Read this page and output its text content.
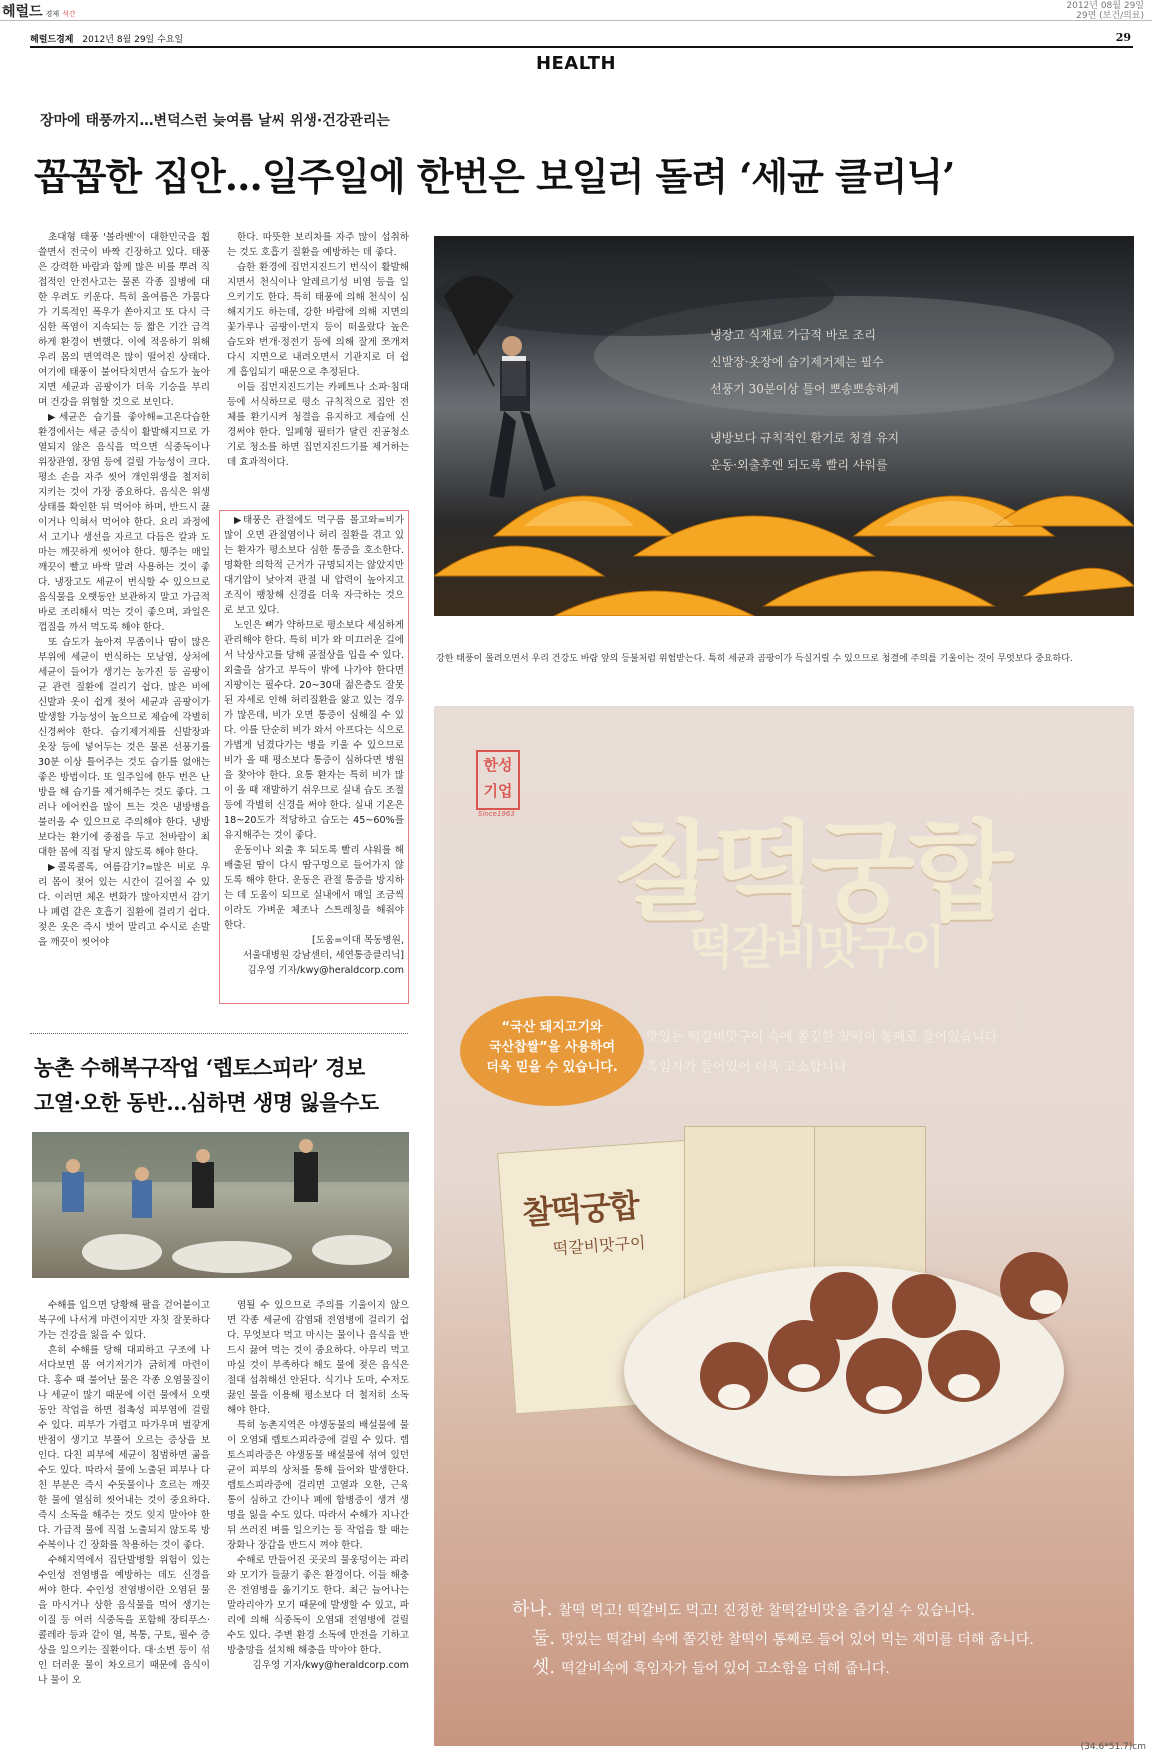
헤럴드 경제 석간
2012년 08월 29일
29면 (보건/의료)
헤럴드경제 2012년 8월 29일 수요일	29
HEALTH
장마에 태풍까지…변덕스런 늦여름 날씨 위생·건강관리는
꼽꼽한 집안…일주일에 한번은 보일러 돌려 ‘세균 클리닉’

초대형 태풍 '볼라벤'이 대한민국을 휩쓸면서 전국이 바짝 긴장하고 있다. 태풍은 강력한 바람과 함께 많은 비를 뿌려 직접적인 안전사고는 물론 각종 질병에 대한 우려도 키운다. 특히 올여름은 가뭄다가 기록적인 폭우가 쏟아지고 또 다시 극심한 폭염이 지속되는 등 짧은 기간 급격하게 환경이 변했다. 이에 적응하기 위해 우리 몸의 면역력은 많이 떨어진 상태다. 여기에 태풍이 불어닥치면서 습도가 높아지면 세균과 곰팡이가 더욱 기승을 부리며 건강을 위협할 것으로 보인다.

▶세균은 습기를 좋아해=고온다습한 환경에서는 세균 증식이 활발해지므로 가열되지 않은 음식을 먹으면 식중독이나 위장관염, 장염 등에 걸릴 가능성이 크다. 평소 손을 자주 씻어 개인위생을 철저히 지키는 것이 가장 중요하다. 음식은 위생상태를 확인한 뒤 먹어야 하며, 반드시 끓이거나 익혀서 먹어야 한다. 요리 과정에서 고기나 생선을 자르고 다듬은 칼과 도마는 깨끗하게 씻어야 한다. 행주는 매일 깨끗이 빨고 바싹 말려 사용하는 것이 좋다. 냉장고도 세균이 번식할 수 있으므로 음식물을 오랫동안 보관하지 말고 가급적 바로 조리해서 먹는 것이 좋으며, 과일은 껍질을 까서 먹도록 해야 한다.

또 습도가 높아져 무좀이나 땀이 많은 부위에 세균이 번식하는 모낭염, 상처에 세균이 들어가 생기는 농가진 등 곰팡이균 관련 질환에 걸리기 쉽다. 많은 비에 신발과 옷이 쉽게 젖어 세균과 곰팡이가 발생할 가능성이 높으므로 제습에 각별히 신경써야 한다. 습기제거제를 신발장과 옷장 등에 넣어두는 것은 물론 선풍기를 30분 이상 틀어주는 것도 습기를 없애는 좋은 방법이다. 또 일주일에 한두 번은 난방을 해 습기를 제거해주는 것도 좋다. 그러나 에어컨을 많이 트는 것은 냉방병을 불러올 수 있으므로 주의해야 한다. 냉방보다는 환기에 중점을 두고 천바람이 최대한 몸에 직접 닿지 않도록 해야 한다.

▶콜록콜록, 여름감기?=많은 비로 우리 몸이 젖어 있는 시간이 길어질 수 있다. 이러면 체온 변화가 많아지면서 감기나 폐렴 같은 호흡기 질환에 걸리기 쉽다. 젖은 옷은 즉시 벗어 말리고 수시로 손발을 깨끗이 씻어야

한다. 따뜻한 보리차를 자주 많이 섭취하는 것도 호흡기 질환을 예방하는 데 좋다.

습한 환경에 집먼지진드기 번식이 활발해지면서 천식이나 알레르기성 비염 등을 일으키기도 한다. 특히 태풍에 의해 천식이 심해지기도 하는데, 강한 바람에 의해 지면의 꽃가루나 곰팡이·먼지 등이 떠올랐다 높은 습도와 번개·정전기 등에 의해 잘게 쪼개져 다시 지면으로 내려오면서 기관지로 더 쉽게 흡입되기 때문으로 추정된다.

이들 집먼지진드기는 카페트나 소파·침대 등에 서식하므로 평소 규칙적으로 집안 전체를 환기시켜 청결을 유지하고 제습에 신경써야 한다. 일폐형 필터가 달린 진공청소기로 청소를 하면 집먼지진드기를 제거하는 데 효과적이다.

▶태풍은 관절에도 먹구름 몰고와=비가 많이 오면 관절염이나 허리 질환을 겪고 있는 환자가 평소보다 심한 통증을 호소한다. 명확한 의학적 근거가 규명되지는 않았지만 대기압이 낮아져 관절 내 압력이 높아지고 조직이 팽창해 신경을 더욱 자극하는 것으로 보고 있다.

노인은 뼈가 약하므로 평소보다 세심하게 관리해야 한다. 특히 비가 와 미끄러운 길에서 낙상사고를 당해 골절상을 입을 수 있다. 외출을 삼가고 부득이 밖에 나가야 한다면 지팡이는 필수다. 20~30대 젊은층도 잘못된 자세로 인해 허리질환을 앓고 있는 경우가 많은데, 비가 오면 통증이 심해질 수 있다. 이를 단순히 비가 와서 아프다는 식으로 가볍게 넘겼다가는 병을 키울 수 있으므로 비가 올 때 평소보다 통증이 심하다면 병원을 찾아야 한다. 요통 환자는 특히 비가 많이 올 때 재발하기 쉬우므로 실내 습도 조절 등에 각별히 신경을 써야 한다. 실내 기온은 18~20도가 적당하고 습도는 45~60%를 유지해주는 것이 좋다.

운동이나 외출 후 되도록 빨리 샤워를 해 배출된 땀이 다시 땀구멍으로 들어가지 않도록 해야 한다. 운동은 관절 통증을 방지하는 데 도움이 되므로 실내에서 매일 조금씩이라도 가벼운 체조나 스트레칭을 해줘야 한다.

[도움=이대 목동병원,
서울대병원 강남센터, 세연통증클리닉]
김우영 기자/kwy@heraldcorp.com
냉장고 식재료 가급적 바로 조리
신발장·옷장에 습기제거제는 필수
선풍기 30분이상 틀어 뽀송뽀송하게
냉방보다 규칙적인 환기로 청결 유지
운동·외출후엔 되도록 빨리 샤워를
강한 태풍이 몰려오면서 우리 건강도 바람 앞의 등불처럼 위험받는다. 특히 세균과 곰팡이가 득실거릴 수 있으므로 청결에 주의를 기울이는 것이 무엇보다 중요하다.
농촌 수해복구작업 ‘렙토스피라’ 경보
고열·오한 동반…심하면 생명 잃을수도

수해를 입으면 당황해 팔을 걷어붙이고 복구에 나서게 마련이지만 자칫 잘못하다가는 건강을 잃을 수 있다.

흔히 수해를 당해 대피하고 구조에 나서다보면 몸 여기저기가 긁히게 마련이다. 홍수 때 불어난 물은 각종 오염물질이나 세균이 많기 때문에 이런 물에서 오랫동안 작업을 하면 접촉성 피부염에 걸릴 수 있다. 피부가 가렵고 따가우며 벌갛게 반점이 생기고 부풀어 오르는 증상을 보인다. 다친 피부에 세균이 침범하면 곪을 수도 있다. 따라서 물에 노출된 피부나 다친 부분은 즉시 수돗물이나 흐르는 깨끗한 물에 열심히 씻어내는 것이 중요하다. 즉시 소독을 해주는 것도 잊지 말아야 한다. 가급적 물에 직접 노출되지 않도록 방수복이나 긴 장화를 착용하는 것이 좋다.

수해지역에서 집단발병할 위험이 있는 수인성 전염병을 예방하는 데도 신경을 써야 한다. 수인성 전염병이란 오염된 물을 마시거나 상한 음식물을 먹어 생기는 이질 등 여러 식중독을 포함해 장티푸스·콜레라 등과 같이 열, 복통, 구토, 필수 증상을 일으키는 질환이다. 대·소변 등이 섞인 더러운 물이 차오르기 때문에 음식이나 물이 오

염될 수 있으므로 주의를 기울이지 않으면 각종 세균에 감염돼 전염병에 걸리기 쉽다. 무엇보다 먹고 마시는 물이나 음식을 반드시 끓여 먹는 것이 중요하다. 아무리 먹고 마실 것이 부족하다 해도 물에 젖은 음식은 절대 섭취해선 안된다. 식기나 도마, 수저도 끓인 물을 이용해 평소보다 더 철저히 소독해야 한다.

특히 농촌지역은 야생동물의 배설물에 물이 오염돼 렙토스피라증에 걸릴 수 있다. 렙토스피라증은 야생동물 배설물에 섞여 있던 균이 피부의 상처를 통해 들어와 발생한다. 렙토스피라증에 걸리면 고열과 오한, 근육통이 심하고 간이나 폐에 합병증이 생겨 생명을 잃을 수도 있다. 따라서 수해가 지나간 뒤 쓰러진 벼를 일으키는 등 작업을 할 때는 장화나 장갑을 반드시 껴야 한다.

수해로 만들어진 곳곳의 물웅덩이는 파리와 모기가 들끓기 좋은 환경이다. 이들 해충은 전염병을 옮기기도 한다. 최근 늘어나는 말라리아가 모기 때문에 발생할 수 있고, 파리에 의해 식중독이 오염돼 전염병에 걸릴 수도 있다. 주변 환경 소독에 만전을 기하고 방충망을 설치해 해충을 막아야 한다.

김우영 기자/kwy@heraldcorp.com
한성기업
Since1963 찰떡궁합
떡갈비맛구이
“국산 돼지고기와
국산찹쌀”을 사용하여
더욱 믿을 수 있습니다.
맛있는 떡갈비맛구이 속에 쫄깃한 찰떡이 통째로 들어있습니다
흑임자가 들어있어 더욱 고소합니다
찰떡궁합
떡갈비맛구이
하나. 찰떡 먹고! 떡갈비도 먹고! 진정한 찰떡갈비맛을 즐기실 수 있습니다.
둘. 맛있는 떡갈비 속에 쫄깃한 찰떡이 통째로 들어 있어 먹는 재미를 더해 줍니다.
셋. 떡갈비속에 흑임자가 들어 있어 고소함을 더해 줍니다.
(34.6*51.7)cm
